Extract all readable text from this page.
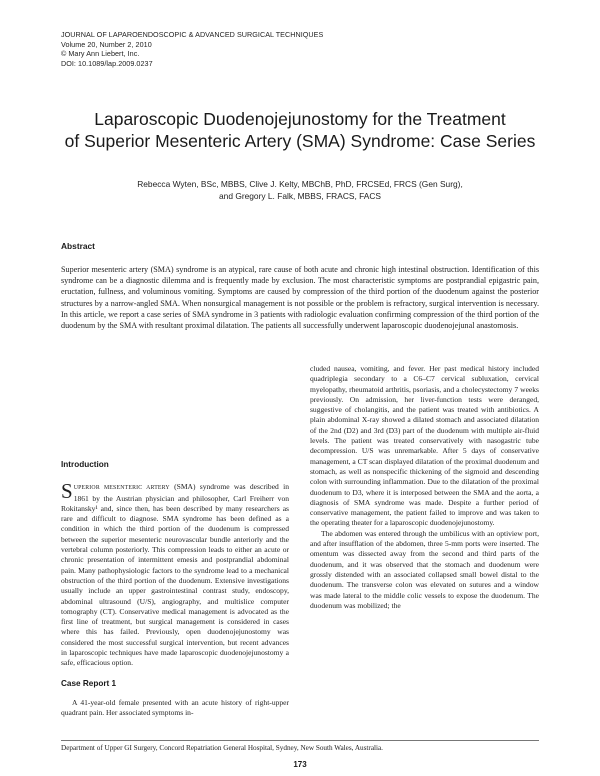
JOURNAL OF LAPAROENDOSCOPIC & ADVANCED SURGICAL TECHNIQUES
Volume 20, Number 2, 2010
© Mary Ann Liebert, Inc.
DOI: 10.1089/lap.2009.0237
Laparoscopic Duodenojejunostomy for the Treatment
of Superior Mesenteric Artery (SMA) Syndrome: Case Series
Rebecca Wyten, BSc, MBBS, Clive J. Kelty, MBChB, PhD, FRCSEd, FRCS (Gen Surg),
and Gregory L. Falk, MBBS, FRACS, FACS
Abstract

Superior mesenteric artery (SMA) syndrome is an atypical, rare cause of both acute and chronic high intestinal obstruction. Identification of this syndrome can be a diagnostic dilemma and is frequently made by exclusion. The most characteristic symptoms are postprandial epigastric pain, eructation, fullness, and voluminous vomiting. Symptoms are caused by compression of the third portion of the duodenum against the posterior structures by a narrow-angled SMA. When nonsurgical management is not possible or the problem is refractory, surgical intervention is necessary. In this article, we report a case series of SMA syndrome in 3 patients with radiologic evaluation confirming compression of the third portion of the duodenum by the SMA with resultant proximal dilatation. The patients all successfully underwent laparoscopic duodenojejunal anastomosis.

Introduction

SUPERIOR MESENTERIC ARTERY (SMA) syndrome was described in 1861 by the Austrian physician and philosopher, Carl Freiherr von Rokitansky¹ and, since then, has been described by many researchers as rare and difficult to diagnose. SMA syndrome has been defined as a condition in which the third portion of the duodenum is compressed between the superior mesenteric neurovascular bundle anteriorly and the vertebral column posteriorly. This compression leads to either an acute or chronic presentation of intermittent emesis and postprandial abdominal pain. Many pathophysiologic factors to the syndrome lead to a mechanical obstruction of the third portion of the duodenum. Extensive investigations usually include an upper gastrointestinal contrast study, endoscopy, abdominal ultrasound (U/S), angiography, and multislice computer tomography (CT). Conservative medical management is advocated as the first line of treatment, but surgical management is considered in cases where this has failed. Previously, open duodenojejunostomy was considered the most successful surgical intervention, but recent advances in laparoscopic techniques have made laparoscopic duodenojejunostomy a safe, efficacious option.

Case Report 1

A 41-year-old female presented with an acute history of right-upper quadrant pain. Her associated symptoms in-

cluded nausea, vomiting, and fever. Her past medical history included quadriplegia secondary to a C6–C7 cervical subluxation, cervical myelopathy, rheumatoid arthritis, psoriasis, and a cholecystectomy 7 weeks previously. On admission, her liver-function tests were deranged, suggestive of cholangitis, and the patient was treated with antibiotics. A plain abdominal X-ray showed a dilated stomach and associated dilatation of the 2nd (D2) and 3rd (D3) part of the duodenum with multiple air-fluid levels. The patient was treated conservatively with nasogastric tube decompression. U/S was unremarkable. After 5 days of conservative management, a CT scan displayed dilatation of the proximal duodenum and stomach, as well as nonspecific thickening of the sigmoid and descending colon with surrounding inflammation. Due to the dilatation of the proximal duodenum to D3, where it is interposed between the SMA and the aorta, a diagnosis of SMA syndrome was made. Despite a further period of conservative management, the patient failed to improve and was taken to the operating theater for a laparoscopic duodenojejunostomy.

The abdomen was entered through the umbilicus with an optiview port, and after insufflation of the abdomen, three 5-mm ports were inserted. The omentum was dissected away from the second and third parts of the duodenum, and it was observed that the stomach and duodenum were grossly distended with an associated collapsed small bowel distal to the duodenum. The transverse colon was elevated on sutures and a window was made lateral to the middle colic vessels to expose the duodenum. The duodenum was mobilized; the

Department of Upper GI Surgery, Concord Repatriation General Hospital, Sydney, New South Wales, Australia.
173
